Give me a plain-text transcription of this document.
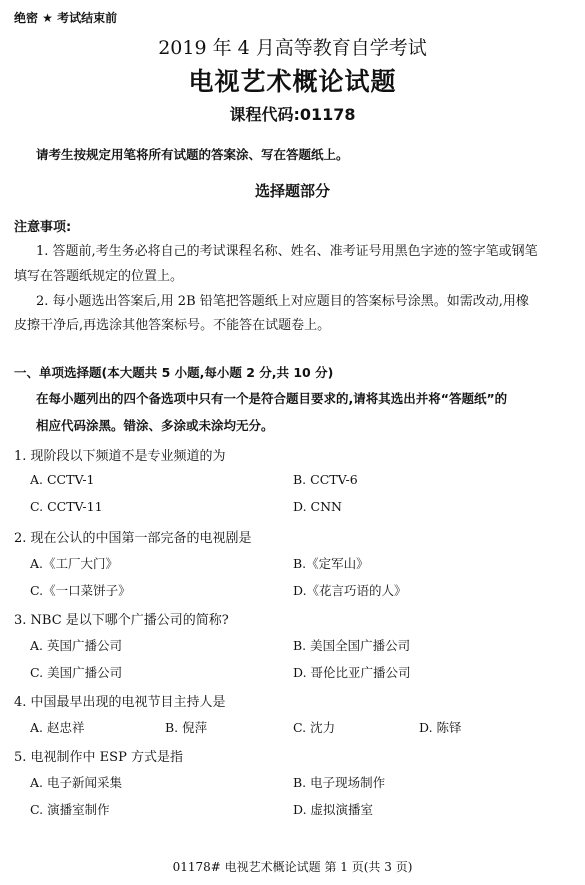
绝密 ★ 考试结束前
2019 年 4 月高等教育自学考试
电视艺术概论试题
课程代码:01178
请考生按规定用笔将所有试题的答案涂、写在答题纸上。
选择题部分
注意事项:
1. 答题前,考生务必将自己的考试课程名称、姓名、准考证号用黑色字迹的签字笔或钢笔
填写在答题纸规定的位置上。
2. 每小题选出答案后,用 2B 铅笔把答题纸上对应题目的答案标号涂黑。如需改动,用橡
皮擦干净后,再选涂其他答案标号。不能答在试题卷上。
一、单项选择题(本大题共 5 小题,每小题 2 分,共 10 分)
在每小题列出的四个备选项中只有一个是符合题目要求的,请将其选出并将“答题纸”的
相应代码涂黑。错涂、多涂或未涂均无分。
1. 现阶段以下频道不是专业频道的为
A. CCTV-1	B. CCTV-6
C. CCTV-11	D. CNN
2. 现在公认的中国第一部完备的电视剧是
A.《工厂大门》	B.《定军山》
C.《一口菜饼子》	D.《花言巧语的人》
3. NBC 是以下哪个广播公司的简称?
A. 英国广播公司	B. 美国全国广播公司
C. 美国广播公司	D. 哥伦比亚广播公司
4. 中国最早出现的电视节目主持人是
A. 赵忠祥	B. 倪萍	C. 沈力	D. 陈铎
5. 电视制作中 ESP 方式是指
A. 电子新闻采集	B. 电子现场制作
C. 演播室制作	D. 虚拟演播室
01178# 电视艺术概论试题 第 1 页(共 3 页)
